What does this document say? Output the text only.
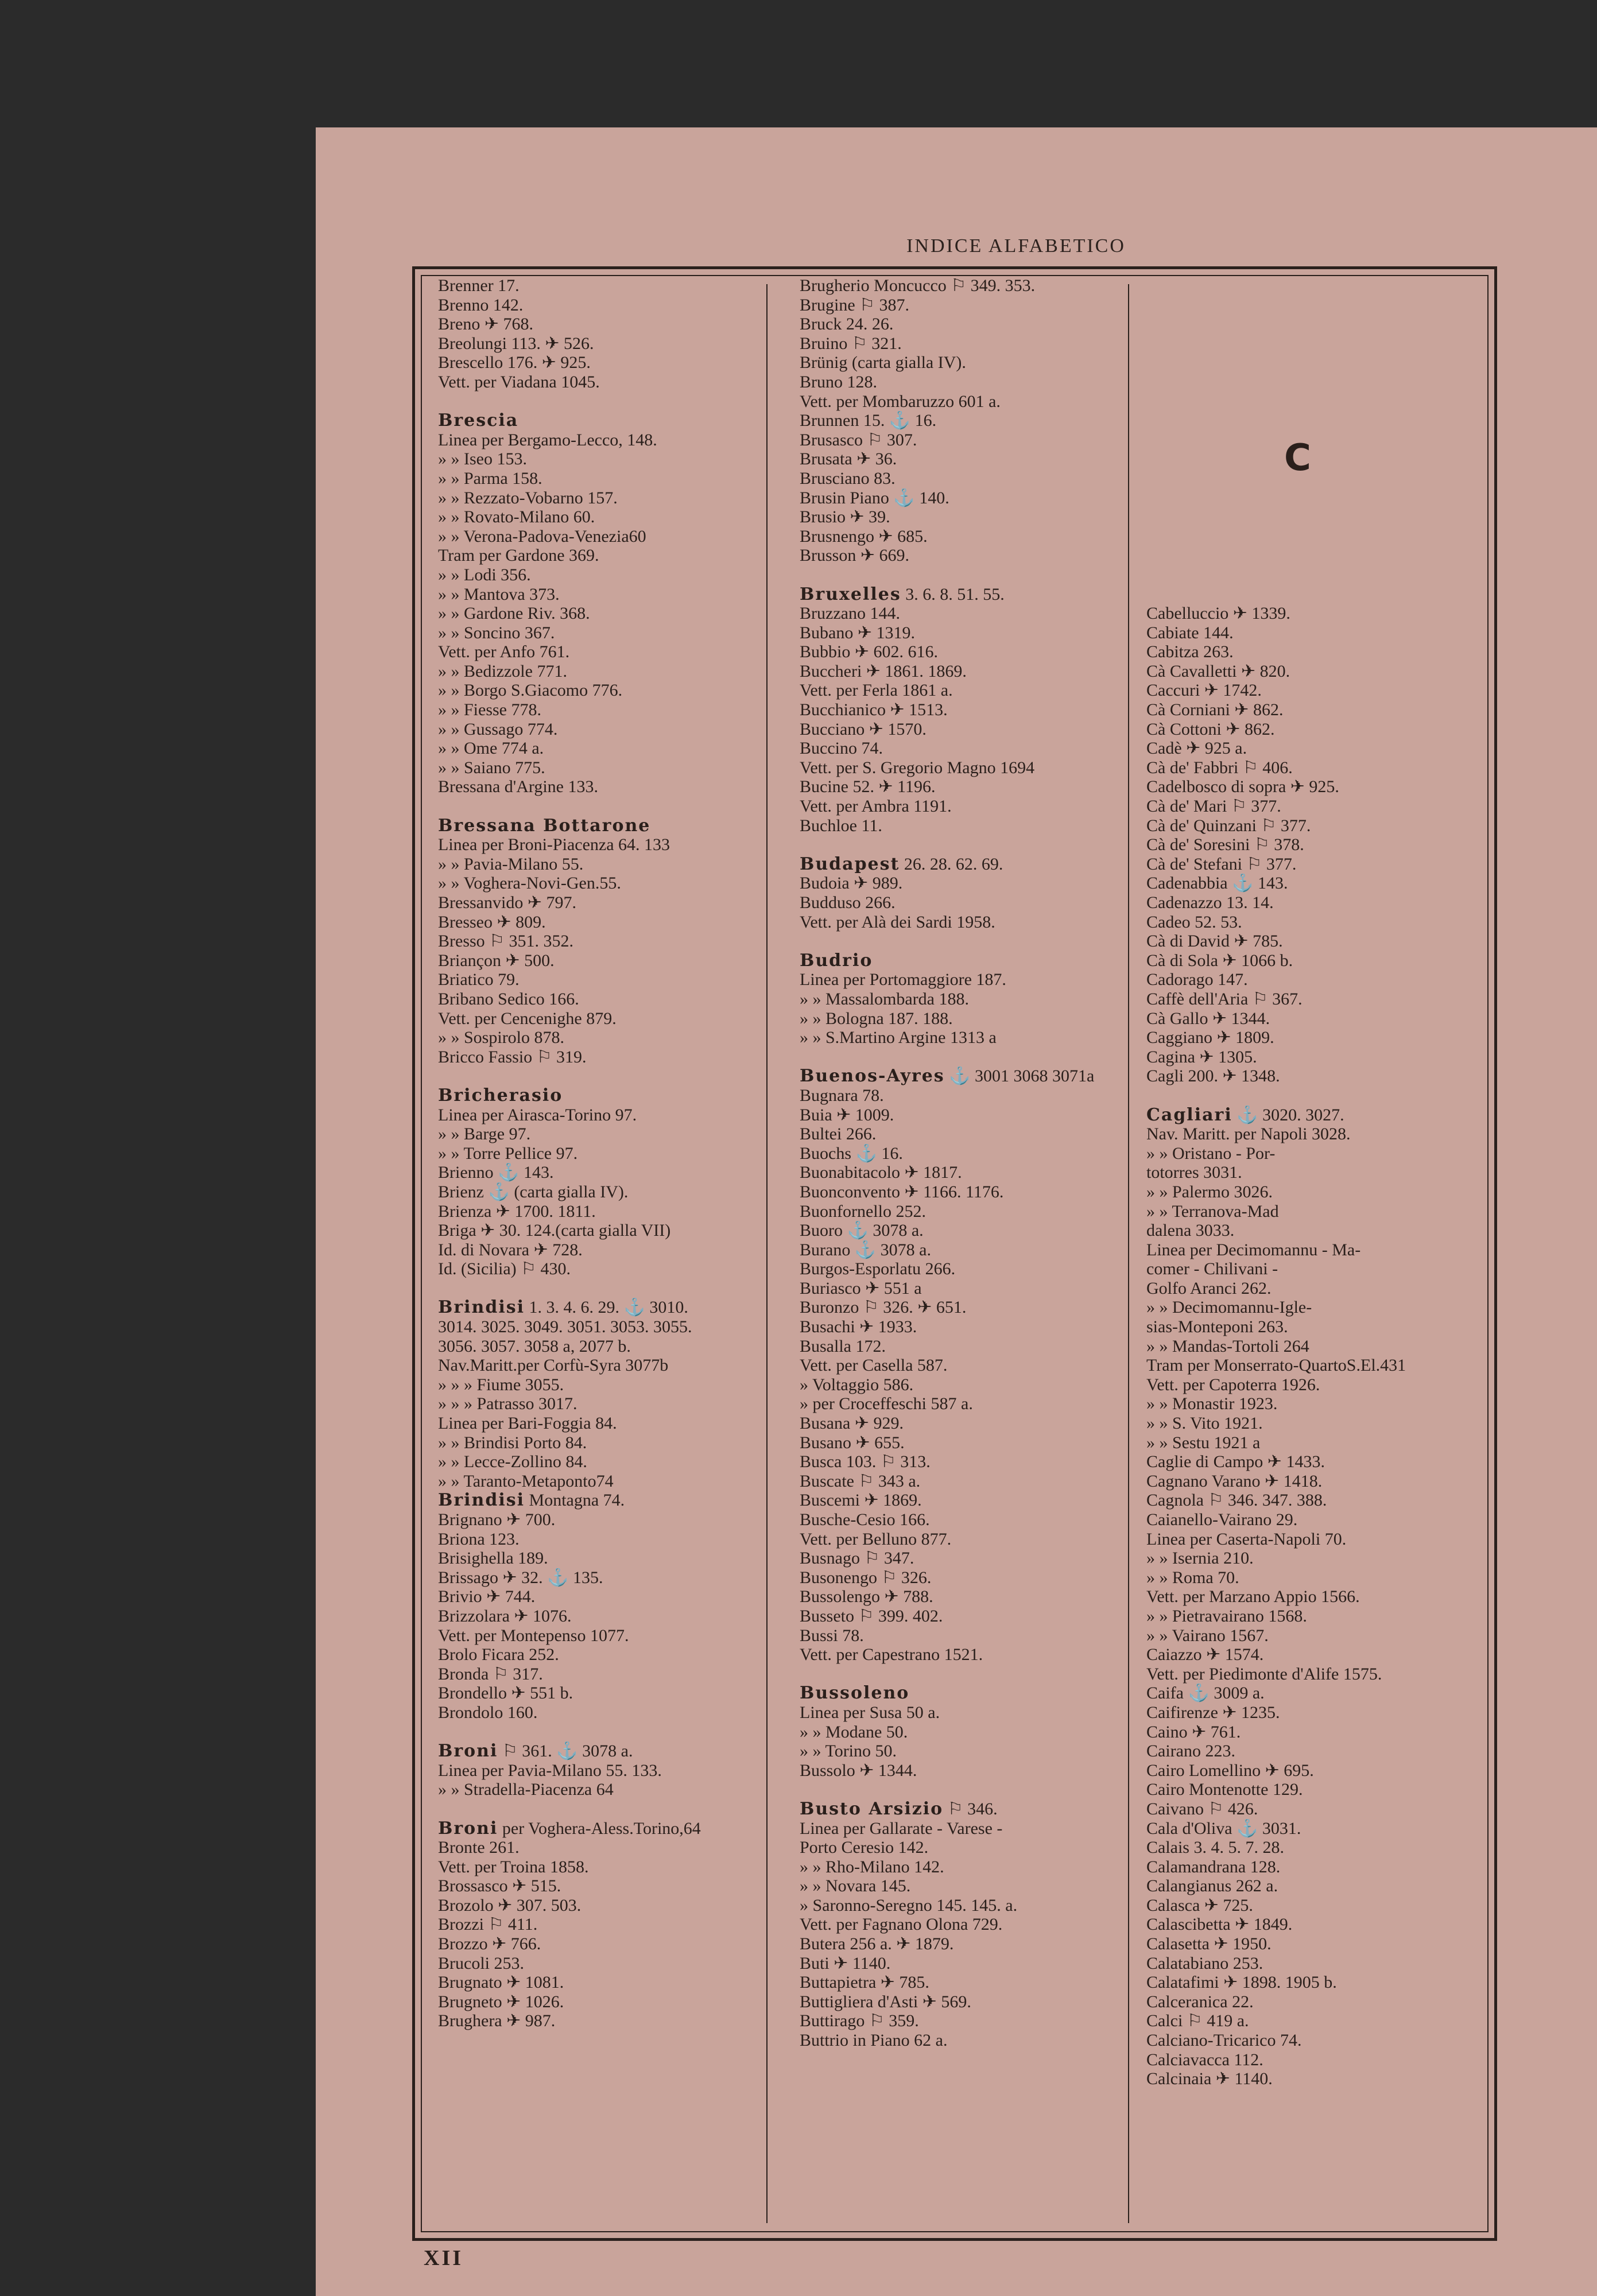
INDICE ALFABETICO
Brenner 17.
Brenno 142.
Breno ✈ 768.
Breolungi 113. ✈ 526.
Brescello 176. ✈ 925.
Vett. per Viadana 1045.

Brescia
Linea per Bergamo-Lecco, 148.
» » Iseo 153.
» » Parma 158.
» » Rezzato-Vobarno 157.
» » Rovato-Milano 60.
» » Verona-Padova-Venezia60
Tram per Gardone 369.
» » Lodi 356.
» » Mantova 373.
» » Gardone Riv. 368.
» » Soncino 367.
Vett. per Anfo 761.
» » Bedizzole 771.
» » Borgo S.Giacomo 776.
» » Fiesse 778.
» » Gussago 774.
» » Ome 774 a.
» » Saiano 775.
Bressana d'Argine 133.

Bressana Bottarone
Linea per Broni-Piacenza 64. 133
» » Pavia-Milano 55.
» » Voghera-Novi-Gen.55.
Bressanvido ✈ 797.
Bresseo ✈ 809.
Bresso ⚐ 351. 352.
Briançon ✈ 500.
Briatico 79.
Bribano Sedico 166.
Vett. per Cencenighe 879.
» » Sospirolo 878.
Bricco Fassio ⚐ 319.

Bricherasio
Linea per Airasca-Torino 97.
» » Barge 97.
» » Torre Pellice 97.
Brienno ⚓ 143.
Brienz ⚓ (carta gialla IV).
Brienza ✈ 1700. 1811.
Briga ✈ 30. 124.(carta gialla VII)
Id. di Novara ✈ 728.
Id. (Sicilia) ⚐ 430.

Brindisi 1. 3. 4. 6. 29. ⚓ 3010.
3014. 3025. 3049. 3051. 3053. 3055.
3056. 3057. 3058 a, 2077 b.
Nav.Maritt.per Corfù-Syra 3077b
» » » Fiume 3055.
» » » Patrasso 3017.
Linea per Bari-Foggia 84.
» » Brindisi Porto 84.
» » Lecce-Zollino 84.
» » Taranto-Metaponto74
Brindisi Montagna 74.
Brignano ✈ 700.
Briona 123.
Brisighella 189.
Brissago ✈ 32. ⚓ 135.
Brivio ✈ 744.
Brizzolara ✈ 1076.
Vett. per Montepenso 1077.
Brolo Ficara 252.
Bronda ⚐ 317.
Brondello ✈ 551 b.
Brondolo 160.

Broni ⚐ 361. ⚓ 3078 a.
Linea per Pavia-Milano 55. 133.
» » Stradella-Piacenza 64

Broni per Voghera-Aless.Torino,64
Bronte 261.
Vett. per Troina 1858.
Brossasco ✈ 515.
Brozolo ✈ 307. 503.
Brozzi ⚐ 411.
Brozzo ✈ 766.
Brucoli 253.
Brugnato ✈ 1081.
Brugneto ✈ 1026.
Brughera ✈ 987.
Brugherio Moncucco ⚐ 349. 353.
Brugine ⚐ 387.
Bruck 24. 26.
Bruino ⚐ 321.
Brünig (carta gialla IV).
Bruno 128.
Vett. per Mombaruzzo 601 a.
Brunnen 15. ⚓ 16.
Brusasco ⚐ 307.
Brusata ✈ 36.
Brusciano 83.
Brusin Piano ⚓ 140.
Brusio ✈ 39.
Brusnengo ✈ 685.
Brusson ✈ 669.

Bruxelles 3. 6. 8. 51. 55.
Bruzzano 144.
Bubano ✈ 1319.
Bubbio ✈ 602. 616.
Buccheri ✈ 1861. 1869.
Vett. per Ferla 1861 a.
Bucchianico ✈ 1513.
Bucciano ✈ 1570.
Buccino 74.
Vett. per S. Gregorio Magno 1694
Bucine 52. ✈ 1196.
Vett. per Ambra 1191.
Buchloe 11.

Budapest 26. 28. 62. 69.
Budoia ✈ 989.
Budduso 266.
Vett. per Alà dei Sardi 1958.

Budrio
Linea per Portomaggiore 187.
» » Massalombarda 188.
» » Bologna 187. 188.
» » S.Martino Argine 1313 a

Buenos-Ayres ⚓ 3001 3068 3071a
Bugnara 78.
Buia ✈ 1009.
Bultei 266.
Buochs ⚓ 16.
Buonabitacolo ✈ 1817.
Buonconvento ✈ 1166. 1176.
Buonfornello 252.
Buoro ⚓ 3078 a.
Burano ⚓ 3078 a.
Burgos-Esporlatu 266.
Buriasco ✈ 551 a
Buronzo ⚐ 326. ✈ 651.
Busachi ✈ 1933.
Busalla 172.
Vett. per Casella 587.
» Voltaggio 586.
» per Croceffeschi 587 a.
Busana ✈ 929.
Busano ✈ 655.
Busca 103. ⚐ 313.
Buscate ⚐ 343 a.
Buscemi ✈ 1869.
Busche-Cesio 166.
Vett. per Belluno 877.
Busnago ⚐ 347.
Busonengo ⚐ 326.
Bussolengo ✈ 788.
Busseto ⚐ 399. 402.
Bussi 78.
Vett. per Capestrano 1521.

Bussoleno
Linea per Susa 50 a.
» » Modane 50.
» » Torino 50.
Bussolo ✈ 1344.

Busto Arsizio ⚐ 346.
Linea per Gallarate - Varese -
Porto Ceresio 142.
» » Rho-Milano 142.
» » Novara 145.
» Saronno-Seregno 145. 145. a.
Vett. per Fagnano Olona 729.
Butera 256 a. ✈ 1879.
Buti ✈ 1140.
Buttapietra ✈ 785.
Buttigliera d'Asti ✈ 569.
Buttirago ⚐ 359.
Buttrio in Piano 62 a.

Cabelluccio ✈ 1339.
Cabiate 144.
Cabitza 263.
Cà Cavalletti ✈ 820.
Caccuri ✈ 1742.
Cà Corniani ✈ 862.
Cà Cottoni ✈ 862.
Cadè ✈ 925 a.
Cà de' Fabbri ⚐ 406.
Cadelbosco di sopra ✈ 925.
Cà de' Mari ⚐ 377.
Cà de' Quinzani ⚐ 377.
Cà de' Soresini ⚐ 378.
Cà de' Stefani ⚐ 377.
Cadenabbia ⚓ 143.
Cadenazzo 13. 14.
Cadeo 52. 53.
Cà di David ✈ 785.
Cà di Sola ✈ 1066 b.
Cadorago 147.
Caffè dell'Aria ⚐ 367.
Cà Gallo ✈ 1344.
Caggiano ✈ 1809.
Cagina ✈ 1305.
Cagli 200. ✈ 1348.

Cagliari ⚓ 3020. 3027.
Nav. Maritt. per Napoli 3028.
» » Oristano - Por-
totorres 3031.
» » Palermo 3026.
» » Terranova-Mad
dalena 3033.
Linea per Decimomannu - Ma-
comer - Chilivani -
Golfo Aranci 262.
» » Decimomannu-Igle-
sias-Monteponi 263.
» » Mandas-Tortoli 264
Tram per Monserrato-QuartoS.El.431
Vett. per Capoterra 1926.
» » Monastir 1923.
» » S. Vito 1921.
» » Sestu 1921 a
Caglie di Campo ✈ 1433.
Cagnano Varano ✈ 1418.
Cagnola ⚐ 346. 347. 388.
Caianello-Vairano 29.
Linea per Caserta-Napoli 70.
» » Isernia 210.
» » Roma 70.
Vett. per Marzano Appio 1566.
» » Pietravairano 1568.
» » Vairano 1567.
Caiazzo ✈ 1574.
Vett. per Piedimonte d'Alife 1575.
Caifa ⚓ 3009 a.
Caifirenze ✈ 1235.
Caino ✈ 761.
Cairano 223.
Cairo Lomellino ✈ 695.
Cairo Montenotte 129.
Caivano ⚐ 426.
Cala d'Oliva ⚓ 3031.
Calais 3. 4. 5. 7. 28.
Calamandrana 128.
Calangianus 262 a.
Calasca ✈ 725.
Calascibetta ✈ 1849.
Calasetta ✈ 1950.
Calatabiano 253.
Calatafimi ✈ 1898. 1905 b.
Calceranica 22.
Calci ⚐ 419 a.
Calciano-Tricarico 74.
Calciavacca 112.
Calcinaia ✈ 1140.
C
XII
